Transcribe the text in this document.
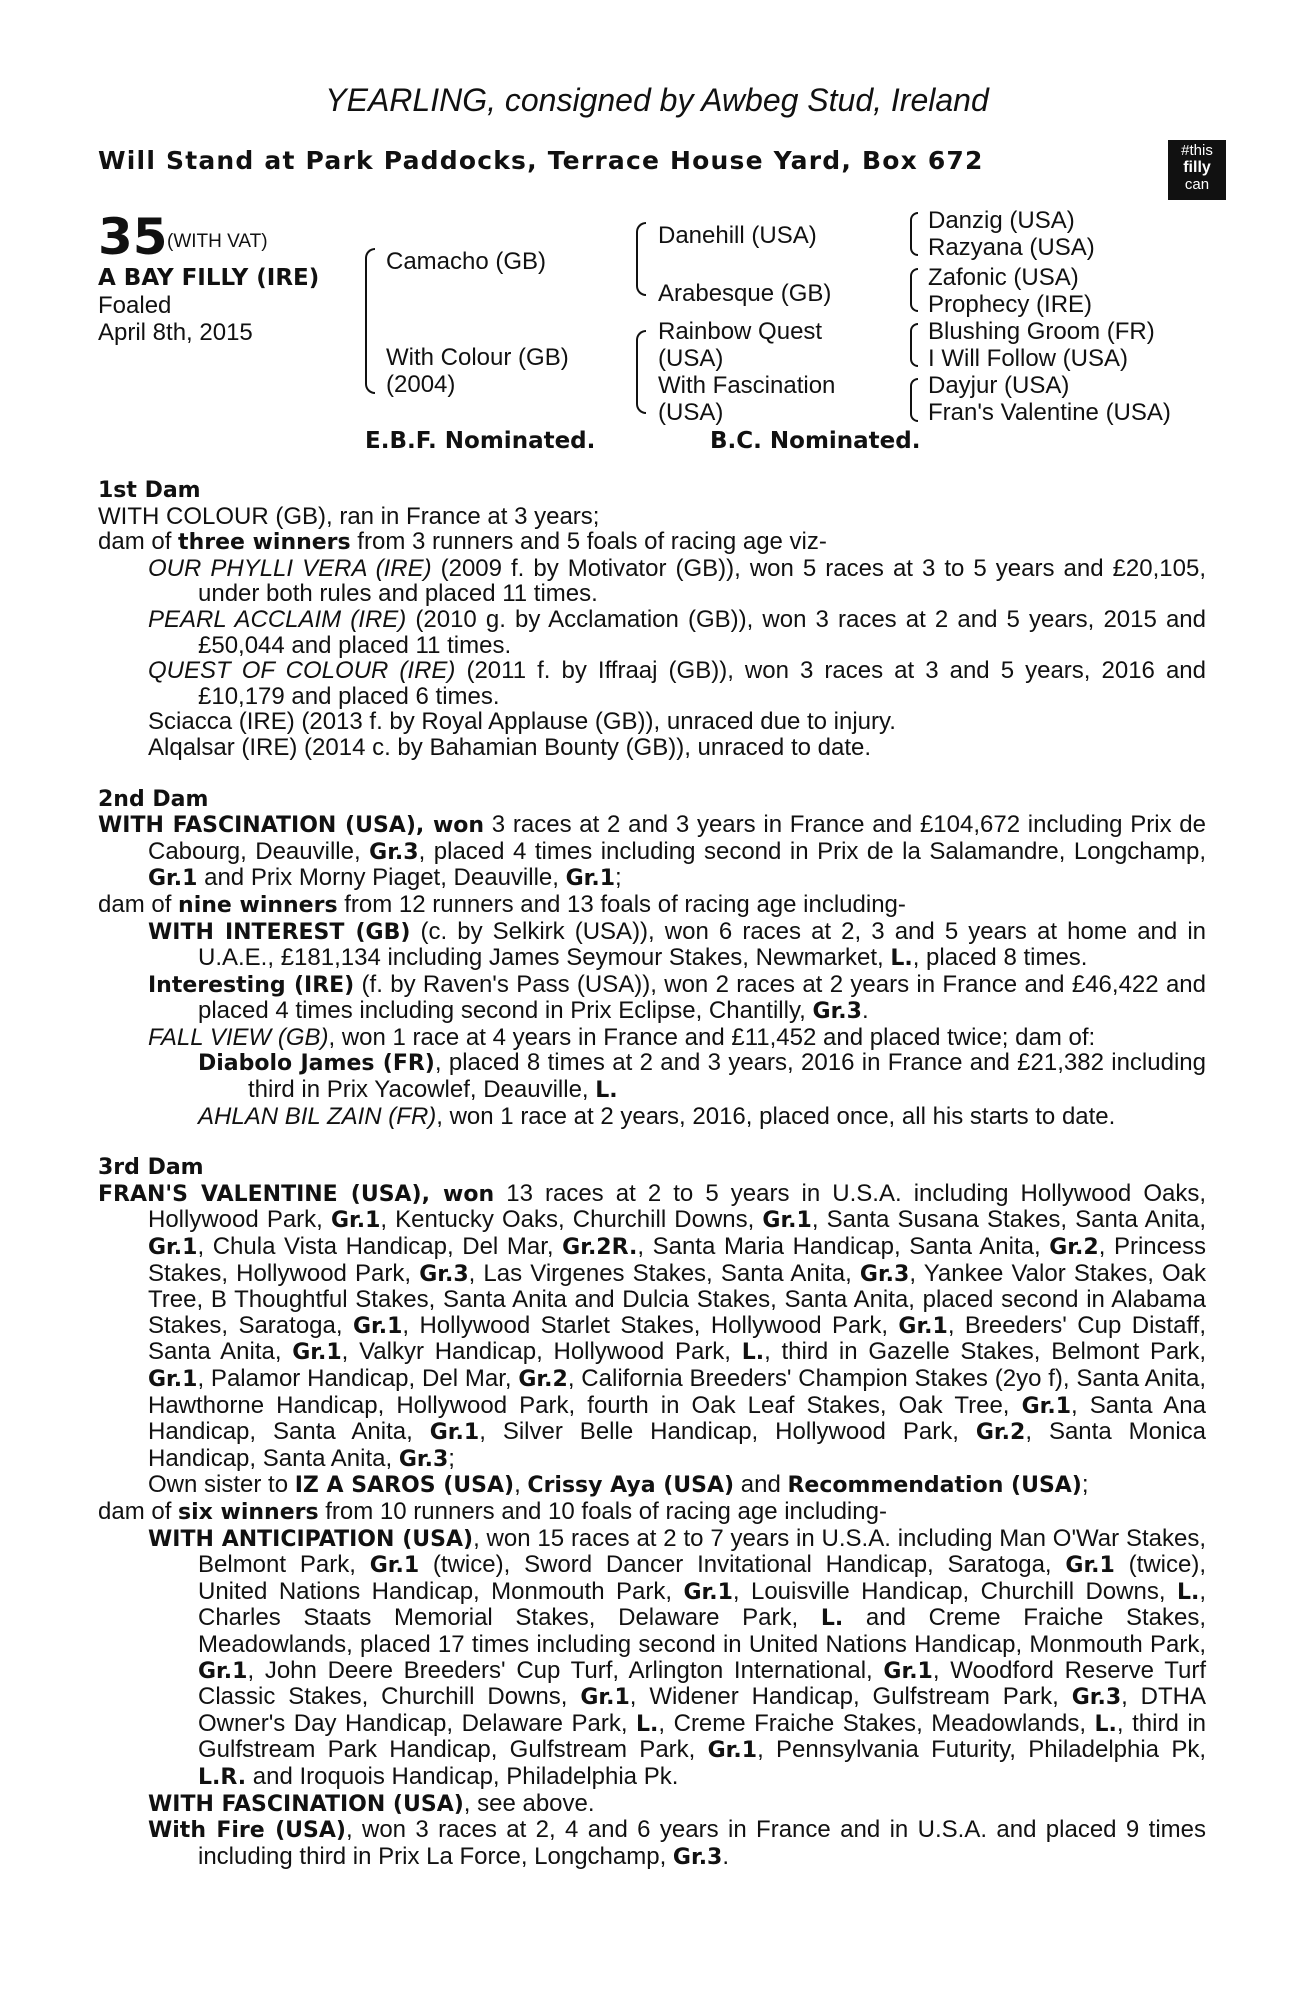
YEARLING, consigned by Awbeg Stud, Ireland
Will Stand at Park Paddocks, Terrace House Yard, Box 672	#this
filly
can
35 (WITH VAT)
A BAY FILLY (IRE)
Foaled
April 8th, 2015
Camacho (GB)
With Colour (GB)
(2004)
Danehill (USA)
Arabesque (GB)
Rainbow Quest
(USA)
With Fascination
(USA)
Danzig (USA)
Razyana (USA)
Zafonic (USA)
Prophecy (IRE)
Blushing Groom (FR)
I Will Follow (USA)
Dayjur (USA)
Fran's Valentine (USA)
E.B.F. Nominated.	B.C. Nominated.
1st Dam

WITH COLOUR (GB), ran in France at 3 years;

dam of three winners from 3 runners and 5 foals of racing age viz-

OUR PHYLLI VERA (IRE) (2009 f. by Motivator (GB)), won 5 races at 3 to 5 years and £20,105, under both rules and placed 11 times.

PEARL ACCLAIM (IRE) (2010 g. by Acclamation (GB)), won 3 races at 2 and 5 years, 2015 and £50,044 and placed 11 times.

QUEST OF COLOUR (IRE) (2011 f. by Iffraaj (GB)), won 3 races at 3 and 5 years, 2016 and £10,179 and placed 6 times.

Sciacca (IRE) (2013 f. by Royal Applause (GB)), unraced due to injury.

Alqalsar (IRE) (2014 c. by Bahamian Bounty (GB)), unraced to date.

2nd Dam

WITH FASCINATION (USA), won 3 races at 2 and 3 years in France and £104,672 including Prix de Cabourg, Deauville, Gr.3, placed 4 times including second in Prix de la Salamandre, Longchamp, Gr.1 and Prix Morny Piaget, Deauville, Gr.1;

dam of nine winners from 12 runners and 13 foals of racing age including-

WITH INTEREST (GB) (c. by Selkirk (USA)), won 6 races at 2, 3 and 5 years at home and in U.A.E., £181,134 including James Seymour Stakes, Newmarket, L., placed 8 times.

Interesting (IRE) (f. by Raven's Pass (USA)), won 2 races at 2 years in France and £46,422 and placed 4 times including second in Prix Eclipse, Chantilly, Gr.3.

FALL VIEW (GB), won 1 race at 4 years in France and £11,452 and placed twice; dam of:

Diabolo James (FR), placed 8 times at 2 and 3 years, 2016 in France and £21,382 including third in Prix Yacowlef, Deauville, L.

AHLAN BIL ZAIN (FR), won 1 race at 2 years, 2016, placed once, all his starts to date.

3rd Dam

FRAN'S VALENTINE (USA), won 13 races at 2 to 5 years in U.S.A. including Hollywood Oaks, Hollywood Park, Gr.1, Kentucky Oaks, Churchill Downs, Gr.1, Santa Susana Stakes, Santa Anita, Gr.1, Chula Vista Handicap, Del Mar, Gr.2R., Santa Maria Handicap, Santa Anita, Gr.2, Princess Stakes, Hollywood Park, Gr.3, Las Virgenes Stakes, Santa Anita, Gr.3, Yankee Valor Stakes, Oak Tree, B Thoughtful Stakes, Santa Anita and Dulcia Stakes, Santa Anita, placed second in Alabama Stakes, Saratoga, Gr.1, Hollywood Starlet Stakes, Hollywood Park, Gr.1, Breeders' Cup Distaff, Santa Anita, Gr.1, Valkyr Handicap, Hollywood Park, L., third in Gazelle Stakes, Belmont Park, Gr.1, Palamor Handicap, Del Mar, Gr.2, California Breeders' Champion Stakes (2yo f), Santa Anita, Hawthorne Handicap, Hollywood Park, fourth in Oak Leaf Stakes, Oak Tree, Gr.1, Santa Ana Handicap, Santa Anita, Gr.1, Silver Belle Handicap, Hollywood Park, Gr.2, Santa Monica Handicap, Santa Anita, Gr.3;

Own sister to IZ A SAROS (USA), Crissy Aya (USA) and Recommendation (USA);

dam of six winners from 10 runners and 10 foals of racing age including-

WITH ANTICIPATION (USA), won 15 races at 2 to 7 years in U.S.A. including Man O'War Stakes, Belmont Park, Gr.1 (twice), Sword Dancer Invitational Handicap, Saratoga, Gr.1 (twice), United Nations Handicap, Monmouth Park, Gr.1, Louisville Handicap, Churchill Downs, L., Charles Staats Memorial Stakes, Delaware Park, L. and Creme Fraiche Stakes, Meadowlands, placed 17 times including second in United Nations Handicap, Monmouth Park, Gr.1, John Deere Breeders' Cup Turf, Arlington International, Gr.1, Woodford Reserve Turf Classic Stakes, Churchill Downs, Gr.1, Widener Handicap, Gulfstream Park, Gr.3, DTHA Owner's Day Handicap, Delaware Park, L., Creme Fraiche Stakes, Meadowlands, L., third in Gulfstream Park Handicap, Gulfstream Park, Gr.1, Pennsylvania Futurity, Philadelphia Pk, L.R. and Iroquois Handicap, Philadelphia Pk.

WITH FASCINATION (USA), see above.

With Fire (USA), won 3 races at 2, 4 and 6 years in France and in U.S.A. and placed 9 times including third in Prix La Force, Longchamp, Gr.3.
